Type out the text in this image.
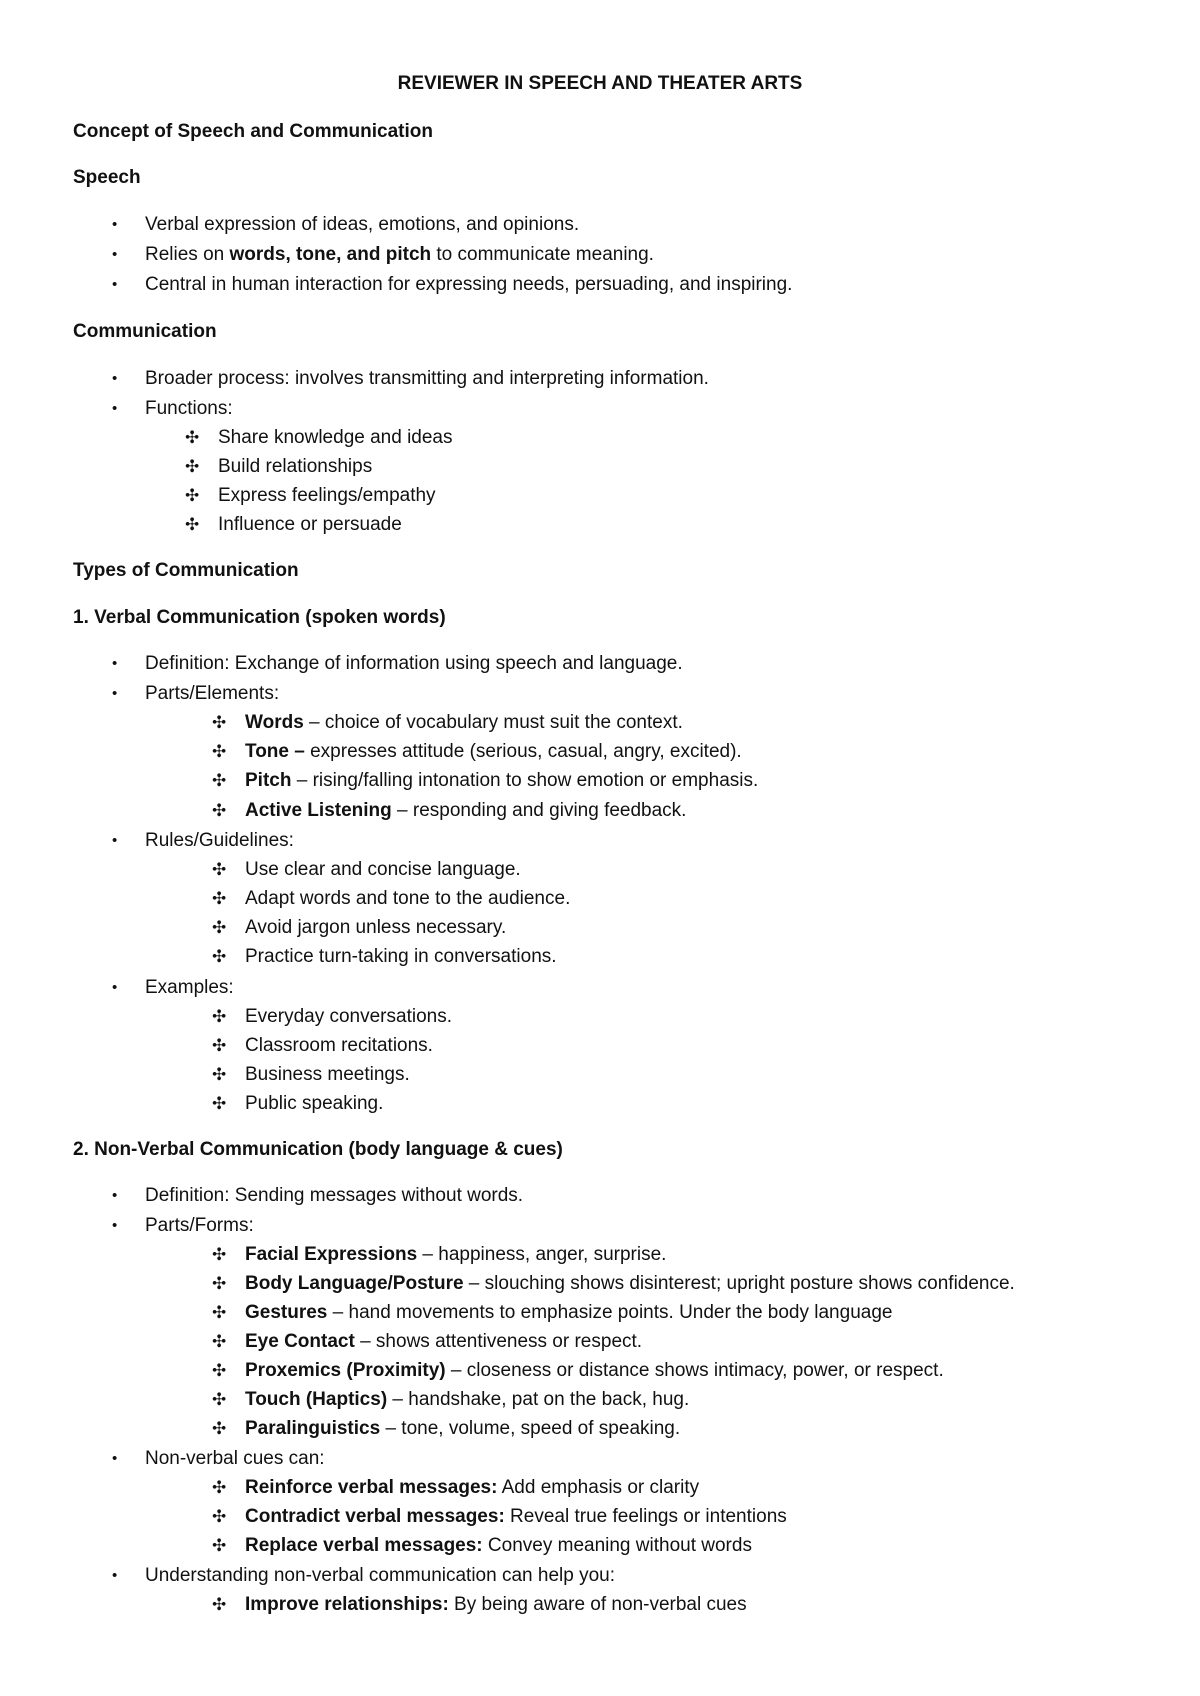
REVIEWER IN SPEECH AND THEATER ARTS
Concept of Speech and Communication
Speech
• Verbal expression of ideas, emotions, and opinions.
• Relies on words, tone, and pitch to communicate meaning.
• Central in human interaction for expressing needs, persuading, and inspiring.
Communication
• Broader process: involves transmitting and interpreting information.
• Functions:
✣ Share knowledge and ideas
✣ Build relationships
✣ Express feelings/empathy
✣ Influence or persuade
Types of Communication
1. Verbal Communication (spoken words)
• Definition: Exchange of information using speech and language.
• Parts/Elements:
✣ Words – choice of vocabulary must suit the context.
✣ Tone – expresses attitude (serious, casual, angry, excited).
✣ Pitch – rising/falling intonation to show emotion or emphasis.
✣ Active Listening – responding and giving feedback.
• Rules/Guidelines:
✣ Use clear and concise language.
✣ Adapt words and tone to the audience.
✣ Avoid jargon unless necessary.
✣ Practice turn-taking in conversations.
• Examples:
✣ Everyday conversations.
✣ Classroom recitations.
✣ Business meetings.
✣ Public speaking.
2. Non-Verbal Communication (body language & cues)
• Definition: Sending messages without words.
• Parts/Forms:
✣ Facial Expressions – happiness, anger, surprise.
✣ Body Language/Posture – slouching shows disinterest; upright posture shows confidence.
✣ Gestures – hand movements to emphasize points. Under the body language
✣ Eye Contact – shows attentiveness or respect.
✣ Proxemics (Proximity) – closeness or distance shows intimacy, power, or respect.
✣ Touch (Haptics) – handshake, pat on the back, hug.
✣ Paralinguistics – tone, volume, speed of speaking.
• Non-verbal cues can:
✣ Reinforce verbal messages: Add emphasis or clarity
✣ Contradict verbal messages: Reveal true feelings or intentions
✣ Replace verbal messages: Convey meaning without words
• Understanding non-verbal communication can help you:
✣ Improve relationships: By being aware of non-verbal cues
